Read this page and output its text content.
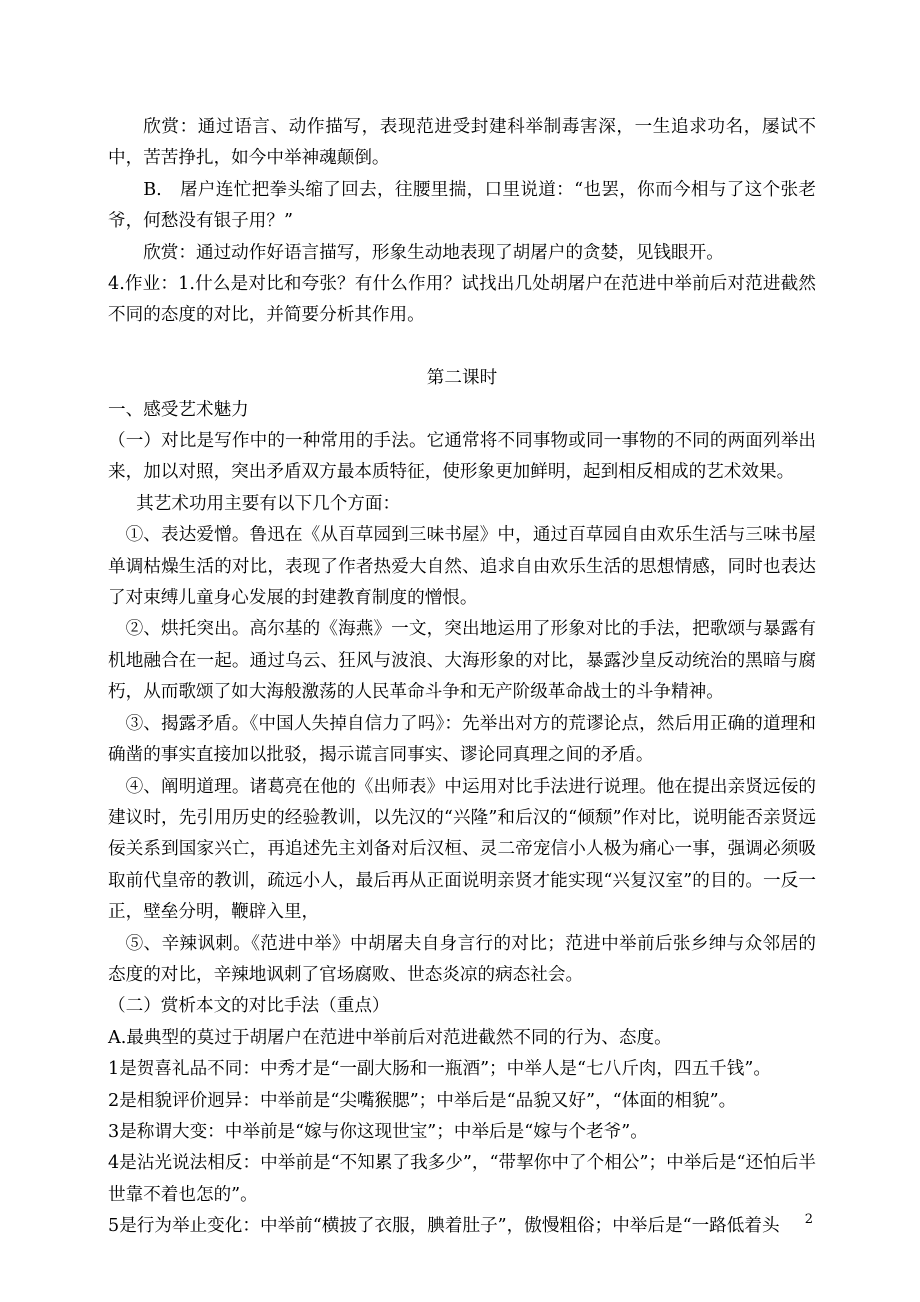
欣赏：通过语言、动作描写，表现范进受封建科举制毒害深，一生追求功名，屡试不中，苦苦挣扎，如今中举神魂颠倒。

B.　屠户连忙把拳头缩了回去，往腰里揣，口里说道：“也罢，你而今相与了这个张老爷，何愁没有银子用？”

欣赏：通过动作好语言描写，形象生动地表现了胡屠户的贪婪，见钱眼开。

4.作业：1.什么是对比和夸张？有什么作用？试找出几处胡屠户在范进中举前后对范进截然不同的态度的对比，并简要分析其作用。

第二课时

一、感受艺术魅力

（一）对比是写作中的一种常用的手法。它通常将不同事物或同一事物的不同的两面列举出来，加以对照，突出矛盾双方最本质特征，使形象更加鲜明，起到相反相成的艺术效果。

其艺术功用主要有以下几个方面：

①、表达爱憎。鲁迅在《从百草园到三味书屋》中，通过百草园自由欢乐生活与三味书屋单调枯燥生活的对比，表现了作者热爱大自然、追求自由欢乐生活的思想情感，同时也表达了对束缚儿童身心发展的封建教育制度的憎恨。

②、烘托突出。高尔基的《海燕》一文，突出地运用了形象对比的手法，把歌颂与暴露有机地融合在一起。通过乌云、狂风与波浪、大海形象的对比，暴露沙皇反动统治的黑暗与腐朽，从而歌颂了如大海般激荡的人民革命斗争和无产阶级革命战士的斗争精神。

③、揭露矛盾。《中国人失掉自信力了吗》：先举出对方的荒谬论点，然后用正确的道理和确凿的事实直接加以批驳，揭示谎言同事实、谬论同真理之间的矛盾。

④、阐明道理。诸葛亮在他的《出师表》中运用对比手法进行说理。他在提出亲贤远佞的建议时，先引用历史的经验教训，以先汉的“兴隆”和后汉的“倾颓”作对比，说明能否亲贤远佞关系到国家兴亡，再追述先主刘备对后汉桓、灵二帝宠信小人极为痛心一事，强调必须吸取前代皇帝的教训，疏远小人，最后再从正面说明亲贤才能实现“兴复汉室”的目的。一反一正，壁垒分明，鞭辟入里，

⑤、辛辣讽刺。《范进中举》中胡屠夫自身言行的对比；范进中举前后张乡绅与众邻居的态度的对比，辛辣地讽刺了官场腐败、世态炎凉的病态社会。

（二）赏析本文的对比手法（重点）

A.最典型的莫过于胡屠户在范进中举前后对范进截然不同的行为、态度。

1是贺喜礼品不同：中秀才是“一副大肠和一瓶酒”；中举人是“七八斤肉，四五千钱”。

2是相貌评价迥异：中举前是“尖嘴猴腮”；中举后是“品貌又好”，“体面的相貌”。

3是称谓大变：中举前是“嫁与你这现世宝”；中举后是“嫁与个老爷”。

4是沾光说法相反：中举前是“不知累了我多少”，“带挈你中了个相公”；中举后是“还怕后半世靠不着也怎的”。

5是行为举止变化：中举前“横披了衣服，腆着肚子”，傲慢粗俗；中举后是“一路低着头	2
